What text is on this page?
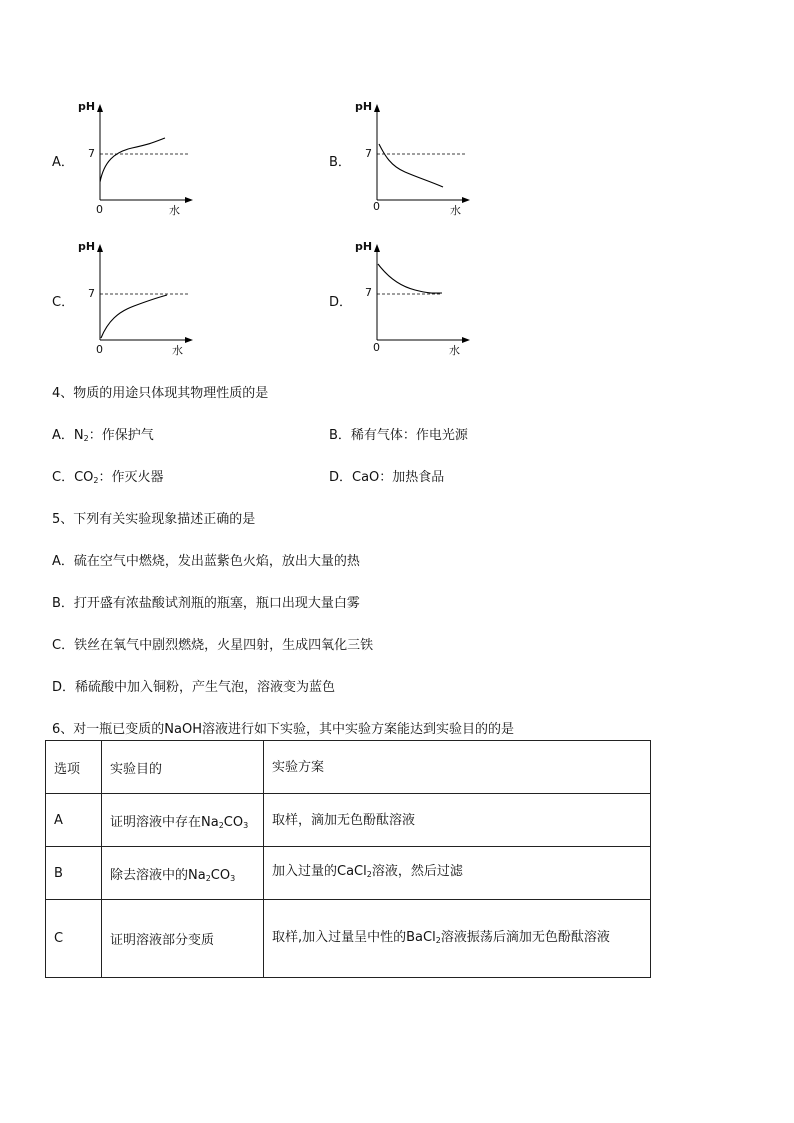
A．
pH
7
0	水
B．
pH
7
0	水
C．
pH
7
0	水
D．
pH
7
0	水
4、物质的用途只体现其物理性质的是
A．$N_2$：作保护气	B．稀有气体：作电光源
C．$CO_2$：作灭火器	D．CaO：加热食品
5、下列有关实验现象描述正确的是
A．硫在空气中燃烧，发出蓝紫色火焰，放出大量的热
B．打开盛有浓盐酸试剂瓶的瓶塞，瓶口出现大量白雾
C．铁丝在氧气中剧烈燃烧，火星四射，生成四氧化三铁
D．稀硫酸中加入铜粉，产生气泡，溶液变为蓝色
6、对一瓶已变质的NaOH溶液进行如下实验，其中实验方案能达到实验目的的是
选项	实验目的	实验方案
A	证明溶液中存在$Na_2CO_3$	取样，滴加无色酚酞溶液
B	除去溶液中的$Na_2CO_3$	加入过量的CaCl$_2$溶液，然后过滤
C	证明溶液部分变质	取样,加入过量呈中性的BaCl$_2$溶液振荡后滴加无色酚酞溶液
